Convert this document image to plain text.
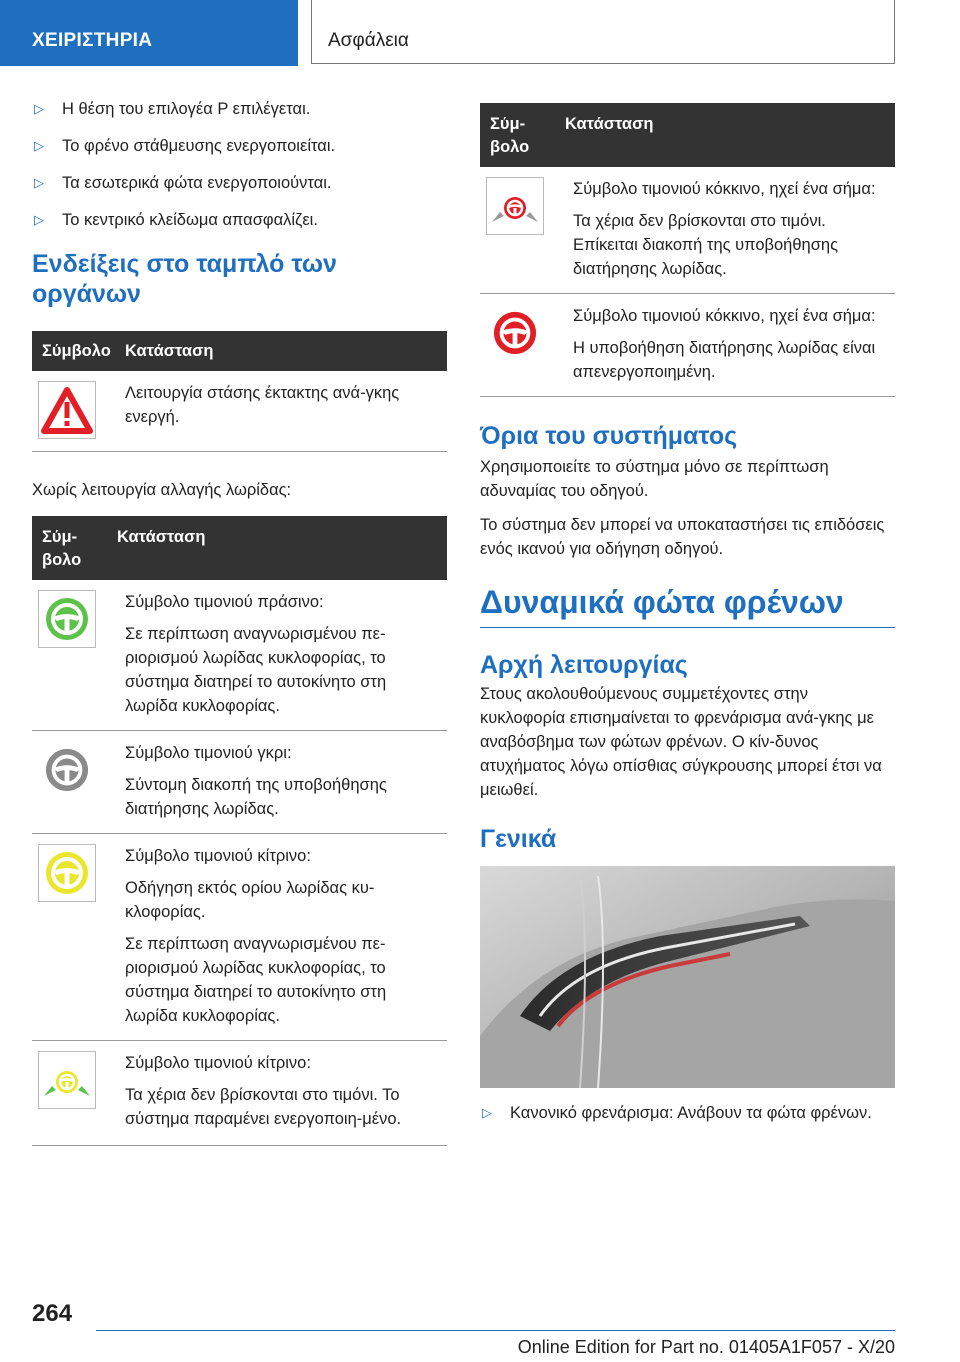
ΧΕΙΡΙΣΤΗΡΙΑ	Ασφάλεια
▷	Η θέση του επιλογέα P επιλέγεται.
▷	Το φρένο στάθμευσης ενεργοποιείται.
▷	Τα εσωτερικά φώτα ενεργοποιούνται.
▷	Το κεντρικό κλείδωμα απασφαλίζει.
Ενδείξεις στο ταμπλό των οργάνων
Σύμβολο Κατάσταση

Λειτουργία στάσης έκτακτης ανά-γκης ενεργή.

Χωρίς λειτουργία αλλαγής λωρίδας:

Σύμ-βολο
Κατάσταση

Σύμβολο τιμονιού πράσινο:

Σε περίπτωση αναγνωρισμένου πε-ριορισμού λωρίδας κυκλοφορίας, το σύστημα διατηρεί το αυτοκίνητο στη λωρίδα κυκλοφορίας.

Σύμβολο τιμονιού γκρι:

Σύντομη διακοπή της υποβοήθησης διατήρησης λωρίδας.

Σύμβολο τιμονιού κίτρινο:

Οδήγηση εκτός ορίου λωρίδας κυ-κλοφορίας.

Σε περίπτωση αναγνωρισμένου πε-ριορισμού λωρίδας κυκλοφορίας, το σύστημα διατηρεί το αυτοκίνητο στη λωρίδα κυκλοφορίας.

Σύμβολο τιμονιού κίτρινο:

Τα χέρια δεν βρίσκονται στο τιμόνι. Το σύστημα παραμένει ενεργοποιη-μένο.

Σύμ-βολο
Κατάσταση

Σύμβολο τιμονιού κόκκινο, ηχεί ένα σήμα:

Τα χέρια δεν βρίσκονται στο τιμόνι. Επίκειται διακοπή της υποβοήθησης διατήρησης λωρίδας.

Σύμβολο τιμονιού κόκκινο, ηχεί ένα σήμα:

Η υποβοήθηση διατήρησης λωρίδας είναι απενεργοποιημένη.

Όρια του συστήματος

Χρησιμοποιείτε το σύστημα μόνο σε περίπτωση αδυναμίας του οδηγού.

Το σύστημα δεν μπορεί να υποκαταστήσει τις επιδόσεις ενός ικανού για οδήγηση οδηγού.

Δυναμικά φώτα φρένων
Αρχή λειτουργίας

Στους ακολουθούμενους συμμετέχοντες στην κυκλοφορία επισημαίνεται το φρενάρισμα ανά-γκης με αναβόσβημα των φώτων φρένων. Ο κίν-δυνος ατυχήματος λόγω οπίσθιας σύγκρουσης μπορεί έτσι να μειωθεί.

Γενικά
▷	Κανονικό φρενάρισμα: Ανάβουν τα φώτα φρένων.
264
Online Edition for Part no. 01405A1F057 - X/20
